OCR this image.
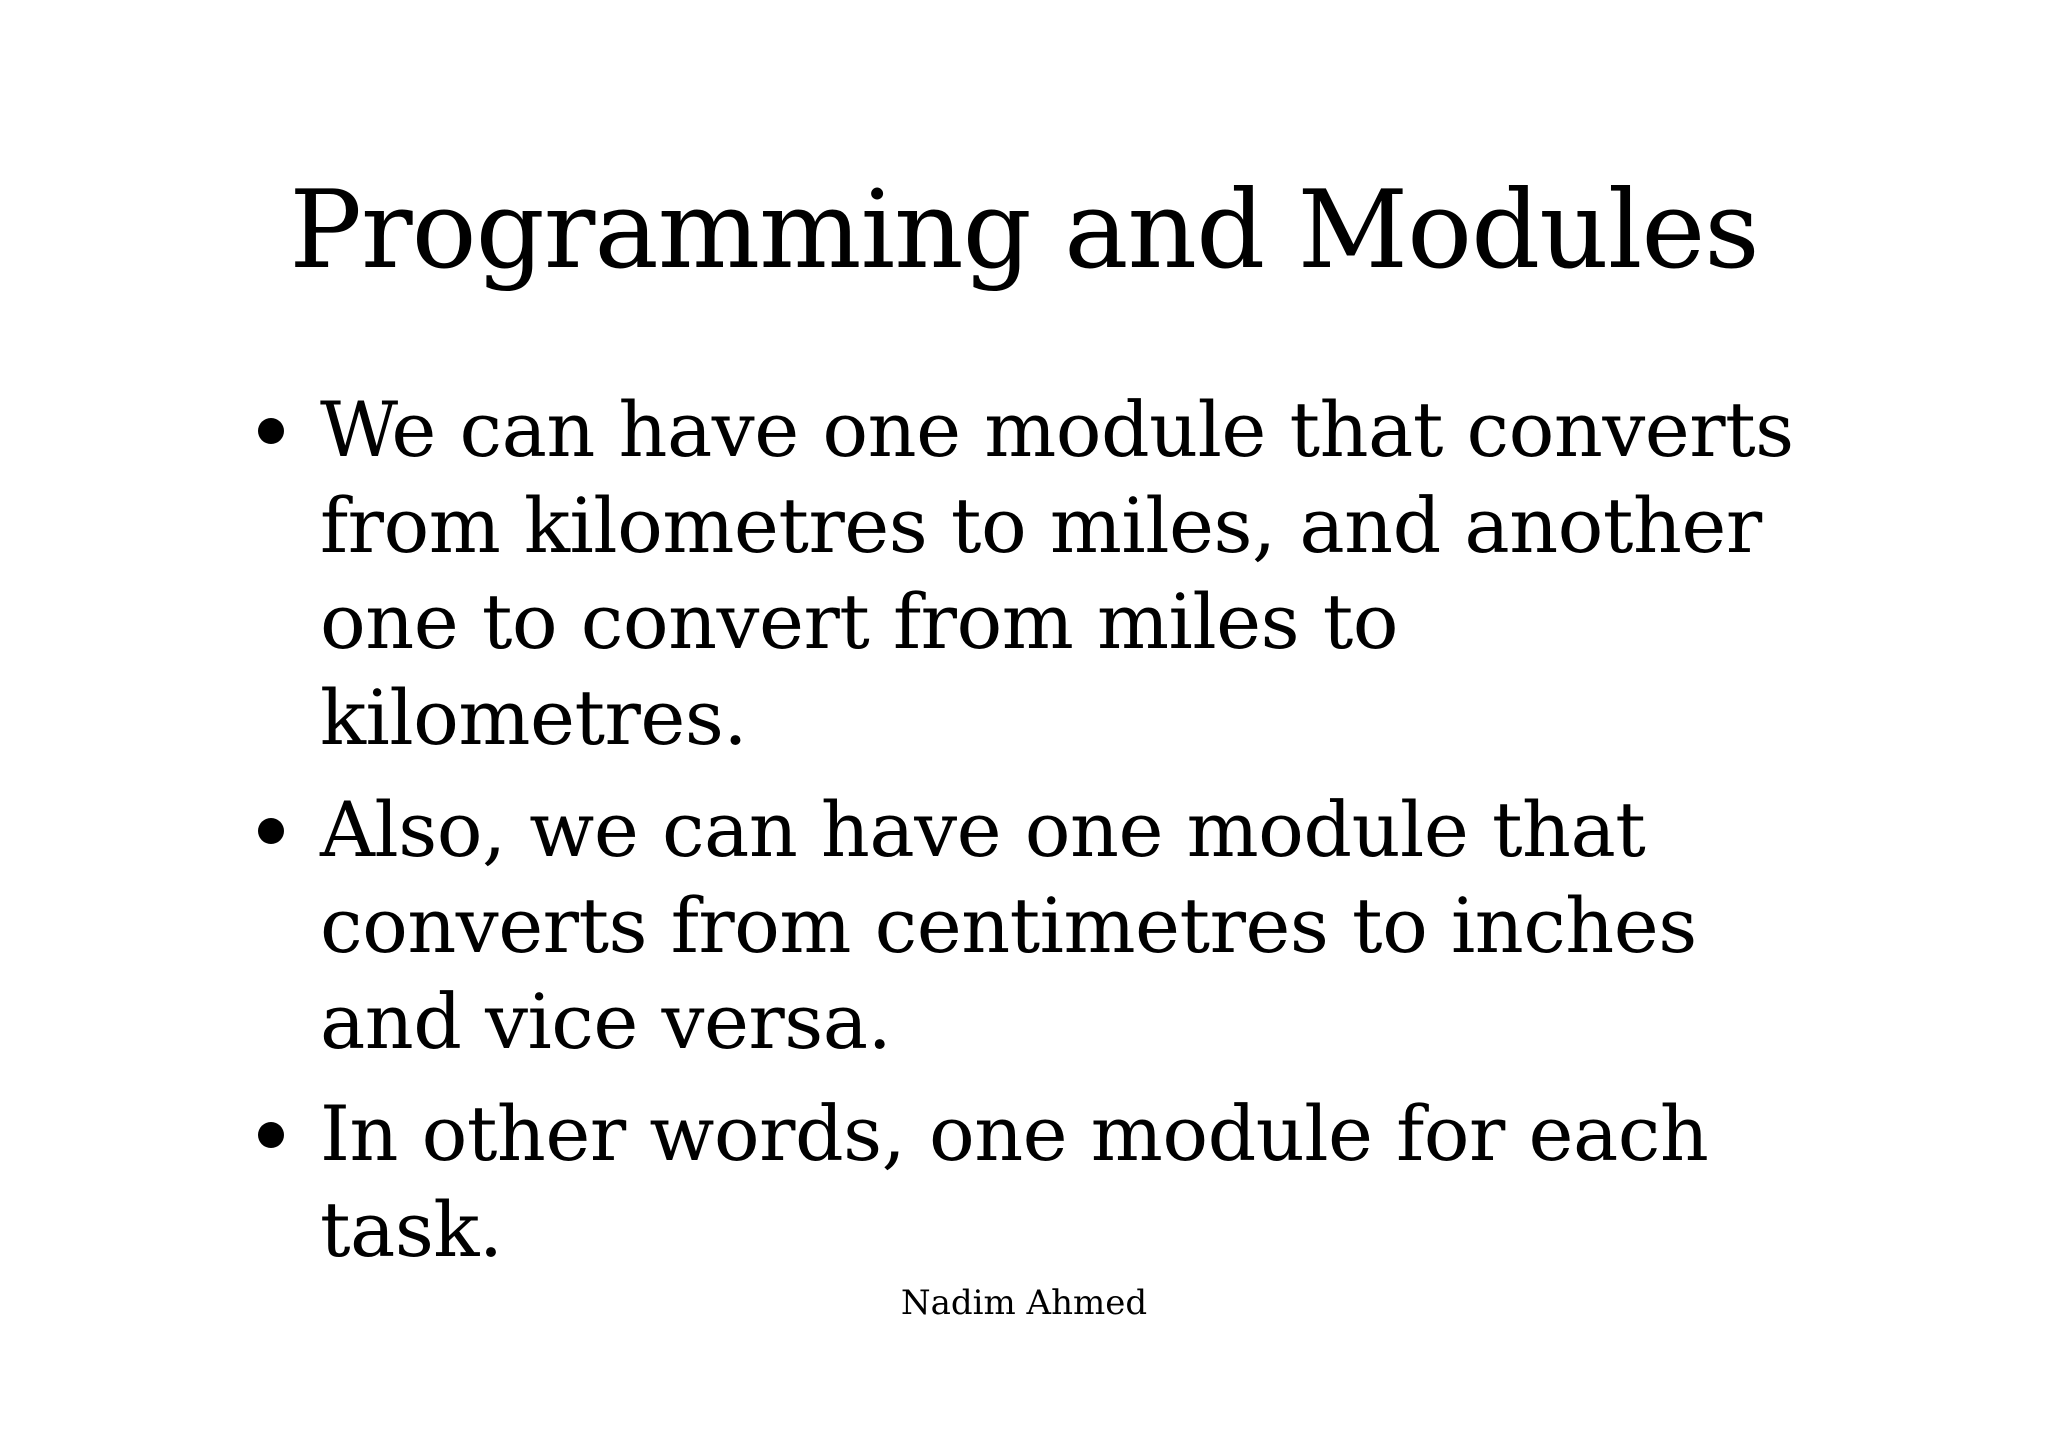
Programming and Modules
We can have one module that converts from kilometres to miles, and another one to convert from miles to kilometres.
Also, we can have one module that converts from centimetres to inches and vice versa.
In other words, one module for each task.
Nadim Ahmed
